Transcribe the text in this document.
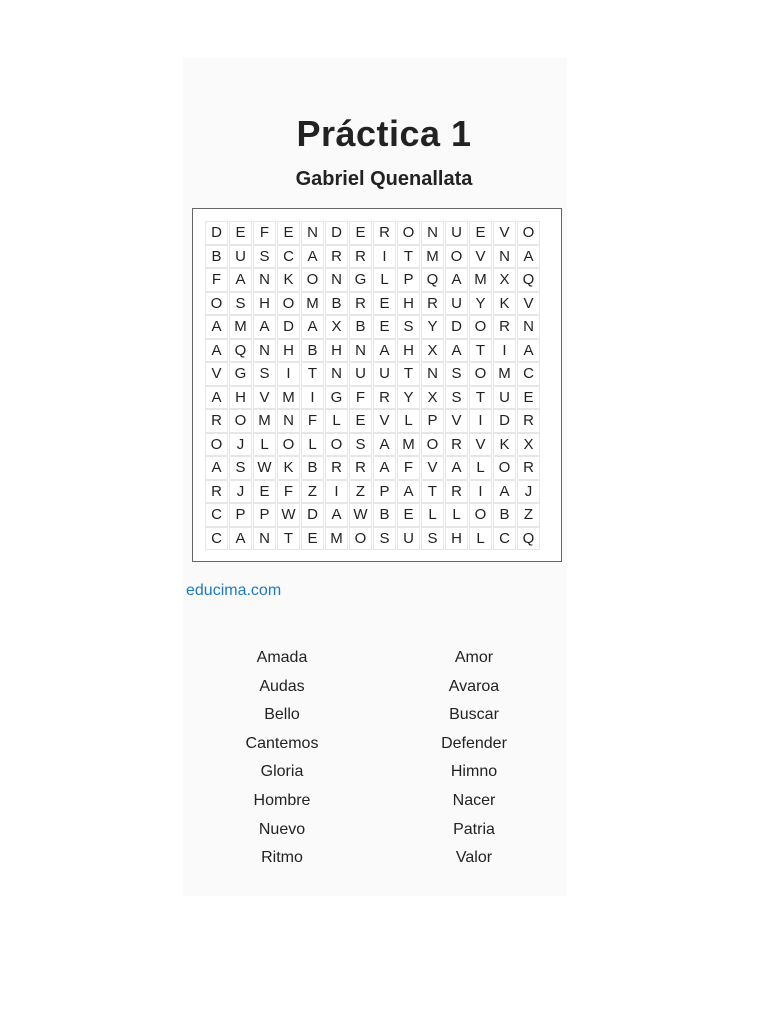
Práctica 1
Gabriel Quenallata
D E F E N D E R O N U E V O
B U S C A R R	I	T M O V N A
F A N K O N G L P Q A M X Q
O S H O M B R E H R U Y K V
A M A D A X B E S Y D O R N
A Q N H B H N A H X A T	I	A
V G S	I	T N U U T N S O M C
A H V M	I	G F R Y X S T U E
R O M N F	L E V L P V	I	D R
O J	L O L O S A M O R V K X
A S W K B R R A F V A L O R
R J	E F Z	I	Z P A T R	I	A	J
C P P W D A W B E L	L O B Z
C A N T E M O S U S H L C Q
educima.com
Amada	Amor
Audas	Avaroa
Bello	Buscar
Cantemos	Defender
Gloria	Himno
Hombre	Nacer
Nuevo	Patria
Ritmo	Valor
